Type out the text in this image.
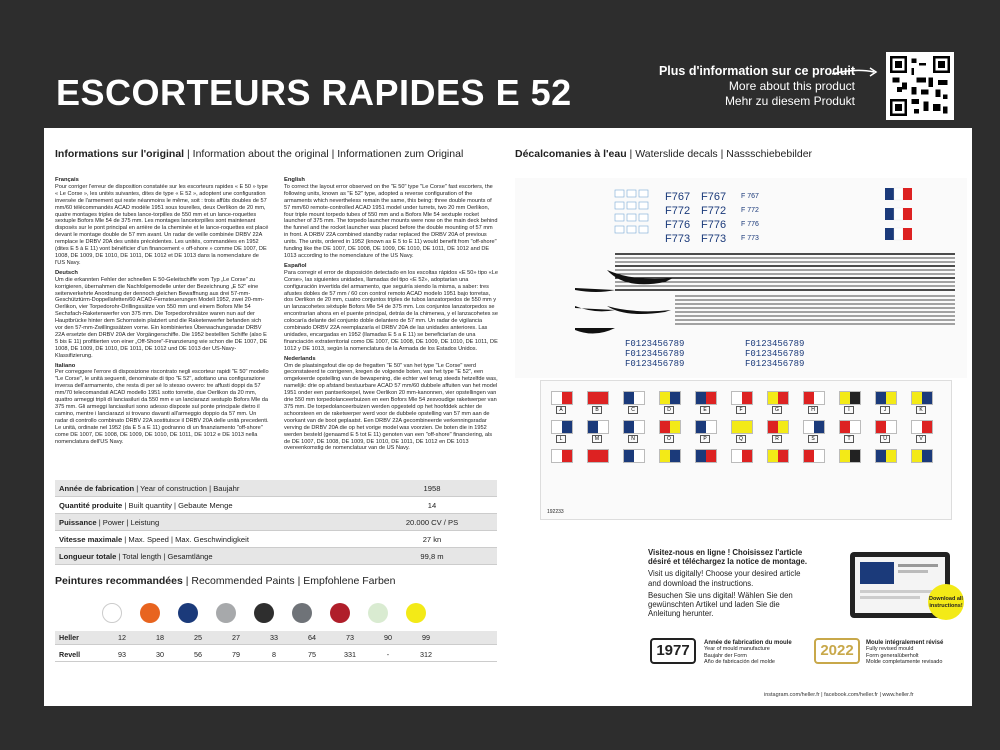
ESCORTEURS RAPIDES E 52
Plus d'information sur ce produit
More about this product
Mehr zu diesem Produkt
Informations sur l'original | Information about the original | Informationen zum Original
Français

Pour corriger l'erreur de disposition constatée sur les escorteurs rapides « E 50 » type « Le Corse », les unités suivantes, dites de type « E 52 », adoptent une configuration inversée de l'armement qui reste néanmoins le même, soit : trois affûts doubles de 57 mm/60 télécommandés ACAD modèle 1951 sous tourelles, deux Oerlikon de 20 mm, quatre montages triples de tubes lance-torpilles de 550 mm et un lance-roquettes sextuple Bofors Mle 54 de 375 mm. Les montages lancetorpilles sont maintenant disposés sur le pont principal en arrière de la cheminée et le lance-roquettes est placé devant le montage double de 57 mm avant. Un radar de veille combinée DRBV 22A remplace le DRBV 20A des unités précédentes. Les unités, commandées en 1952 (dites E 5 à E 11) vont bénéficier d'un financement « off-shore » comme DE 1007, DE 1008, DE 1009, DE 1010, DE 1011, DE 1012 et DE 1013 dans la nomenclature de l'US Navy.

Deutsch

Um die erkannten Fehler der schnellen E 50-Geleitschiffe vom Typ „Le Corse" zu korrigieren, übernahmen die Nachfolgemodelle unter der Bezeichnung „E 52" eine seitenverkehrte Anordnung der dennoch gleichen Bewaffnung aus drei 57-mm-Geschütztürm-Doppellafetten/60 ACAD-Fernsteuerungen Modell 1952, zwei 20-mm-Oerlikon, vier Torpedorohr-Drillingssätze von 550 mm und einem Bofors Mle 54 Sechsfach-Raketenwerfer von 375 mm. Die Torpedorohrsätze waren nun auf der Hauptbrücke hinter dem Schornstein platziert und die Raketenwerfer befanden sich vor den 57-mm-Zwillingssätzen vorne. Ein kombiniertes Überwachungsradar DRBV 22A ersetzte den DRBV 20A der Vorgängerschiffe. Die 1952 bestellten Schiffe (also E 5 bis E 11) profitierten von einer „Off-Shore"-Finanzierung wie schon die DE 1007, DE 1008, DE 1009, DE 1010, DE 1011, DE 1012 und DE 1013 der US-Navy-Klassifizierung.

Italiano

Per correggere l'errore di disposizione riscontrato negli escorteur rapidi "E 50" modello "Le Corse", le unità seguenti, denominate di tipo "E 52", adottano una configurazione inversa dell'armamento, che resta di per sé lo stesso ovvero: tre affusti doppi da 57 mm/70 telecomandati ACAD modello 1951 sotto torrette, due Oerlikon da 20 mm, quattro armeggi tripli di lanciasiluri da 550 mm e un lanciarazzi sestuplo Bofors Mle da 375 mm. Gli armeggi lanciasiluri sono adesso disposte sul ponte principale dietro il camino, mentre i lanciarazzi si trovano davanti all'armeggio doppio da 57 mm. Un radar di controllo combinato DRBV 22A sostituisce il DRBV 20A delle unità precedenti. Le unità, ordinate nel 1952 (da E 5 a E 11) godranno di un finanziamento "off-shore" come DE 1007, DE 1008, DE 1009, DE 1010, DE 1011, DE 1012 e DE 1013 nella nomenclatura dell'US Navy.

English

To correct the layout error observed on the "E 50" type "Le Corse" fast escorters, the following units, known as "E 52" type, adopted a reverse configuration of the armaments which nevertheless remain the same, this being: three double mounts of 57 mm/60 remote-controlled ACAD 1951 model under turrets, two 20 mm Oerlikon, four triple mount torpedo tubes of 550 mm and a Bofors Mle 54 sextuple rocket launcher of 375 mm. The torpedo launcher mounts were now on the main deck behind the funnel and the rocket launcher was placed before the double mounting of 57 mm in front. A DRBV 22A combined standby radar replaced the DRBV 20A of previous units. The units, ordered in 1952 (known as E 5 to E 11) would benefit from "off-shore" funding like the DE 1007, DE 1008, DE 1009, DE 1010, DE 1011, DE 1012 and DE 1013 according to the nomenclature of the US Navy.

Español

Para corregir el error de disposición detectado en los escoltas rápidos «E 50» tipo «Le Corse», las siguientes unidades, llamadas del tipo «E 52», adoptarían una configuración invertida del armamento, que seguiría siendo la misma, a saber: tres afustes dobles de 57 mm / 60 con control remoto ACAD modelo 1951 bajo torretas, dos Oerlikon de 20 mm, cuatro conjuntos triples de tubos lanzatorpedos de 550 mm y un lanzacohetes séxtuple Bofors Mle 54 de 375 mm. Los conjuntos lanzatorpedos se encontrarían ahora en el puente principal, detrás de la chimenea, y el lanzacohetes se colocaría delante del conjunto doble delantero de 57 mm. Un radar de vigilancia combinado DRBV 22A reemplazaría el DRBV 20A de las unidades anteriores. Las unidades, encargadas en 1952 (llamadas E 5 a E 11) se beneficiarían de una financiación extraterritorial como DE 1007, DE 1008, DE 1009, DE 1010, DE 1011, DE 1012 y DE 1013, según la nomenclatura de la Armada de los Estados Unidos.

Nederlands

Om de plaatsingsfout die op de fregatten "E 50" van het type "Le Corse" werd geconstateerd te corrigeren, kregen de volgende boten, van het type "E 52", een omgekeerde opstelling van de bewapening, die echter wel terug steeds hetzelfde was, namelijk: drie op afstand bestuurbare ACAD 57 mm/60 dubbele affuiten van het model 1951 onder een pantserkoepel, twee Oerlikon 20 mm-kanonnen, vier opstellingen van drie 550 mm torpedolanceerbuizen en een Bofors Mle 54 zesvoudige raketwerper van 375 mm. De torpedolanceerbuizen werden opgesteld op het hoofddek achter de schoorsteen en de raketwerper werd voor de dubbele opstelling van 57 mm aan de voorkant van de boot geplaatst. Een DRBV 22A gecombineerde verkenningsradar verving de DRBV 20A die op het vorige model was voorzien. De boten die in 1952 werden besteld (genaamd E 5 tot E 11) genoten van een "off-shore" financiering, als de DE 1007, DE 1008, DE 1009, DE 1010, DE 1011, DE 1012 en DE 1013 overeenkomstig de nomenclatuur van de US Navy.

Année de fabrication | Year of construction | Baujahr	1958
Quantité produite | Built quantity | Gebaute Menge	14
Puissance | Power | Leistung	20.000 CV / PS
Vitesse maximale | Max. Speed | Max. Geschwindigkeit	27 kn
Longueur totale | Total length | Gesamtlänge	99,8 m
Peintures recommandées | Recommended Paints | Empfohlene Farben
Heller	12	18	25	27	33	64	73	90	99
Revell	93	30	56	79	8	75	331	-	312
Décalcomanies à l'eau | Waterslide decals | Nassschiebebilder
F767 F767
F772 F772
F776 F776
F773 F773
F 767
F 772
F 776
F 773
F0123456789	F0123456789
F0123456789	F0123456789
F0123456789	F0123456789
A	B	C	D	E	F	G	H	I	J	K
L	M	N	O	P	Q	R	S	T	U	V
192233

Visitez-nous en ligne ! Choisissez l'article désiré et téléchargez la notice de montage.

Visit us digitally! Choose your desired article and download the instructions.

Besuchen Sie uns digital! Wählen Sie den gewünschten Artikel und laden Sie die Anleitung herunter.

Download all
instructions!
1977	Année de fabrication du moule
Year of mould manufacture
Baujahr der Form
Año de fabricación del molde
2022	Moule intégralement révisé
Fully revised mould
Form generalüberholt
Molde completamente revisado
instagram.com/heller.fr | facebook.com/heller.fr | www.heller.fr
